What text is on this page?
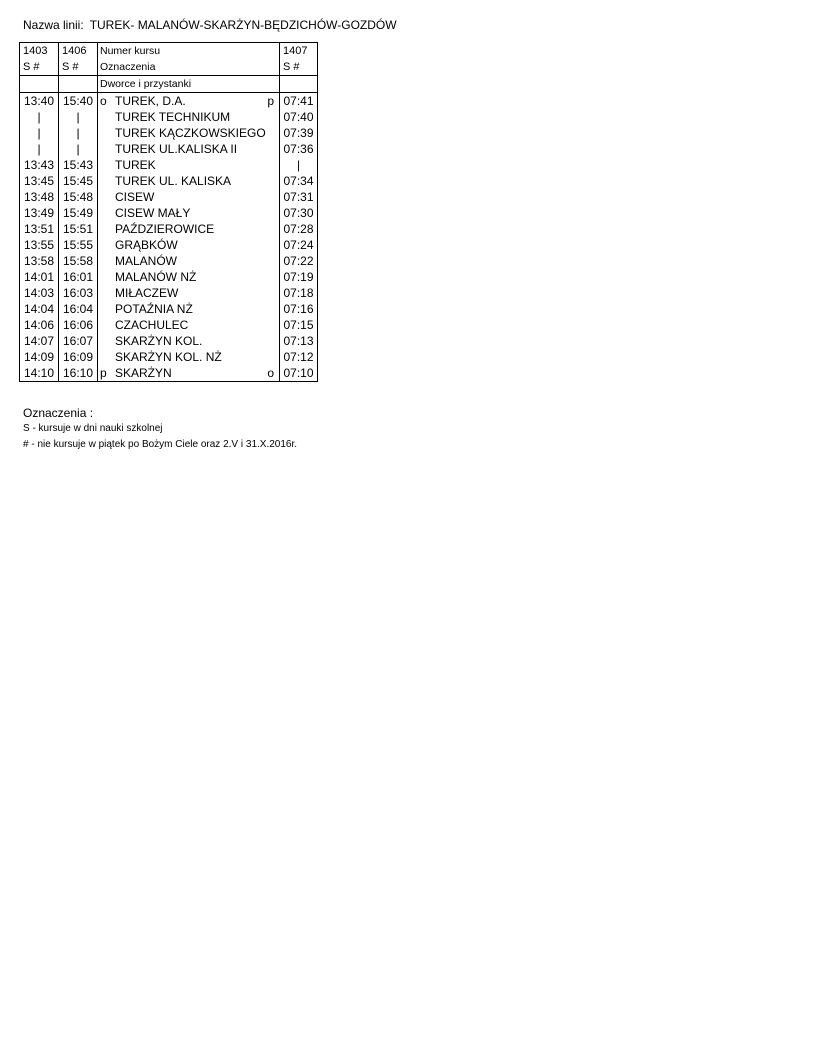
Nazwa linii: TUREK- MALANÓW-SKARŻYN-BĘDZICHÓW-GOZDÓW
1403	1406	Numer kursu	1407
S #	S #	Oznaczenia	S #
		Dworce i przystanki	
13:40	15:40	o TUREK, D.A. p	07:41
|	|	TUREK TECHNIKUM	07:40
|	|	TUREK KĄCZKOWSKIEGO	07:39
|	|	TUREK UL.KALISKA II	07:36
13:43	15:43	TUREK	|
13:45	15:45	TUREK UL. KALISKA	07:34
13:48	15:48	CISEW	07:31
13:49	15:49	CISEW MAŁY	07:30
13:51	15:51	PAŹDZIEROWICE	07:28
13:55	15:55	GRĄBKÓW	07:24
13:58	15:58	MALANÓW	07:22
14:01	16:01	MALANÓW NŻ	07:19
14:03	16:03	MIŁACZEW	07:18
14:04	16:04	POTAŹNIA NŻ	07:16
14:06	16:06	CZACHULEC	07:15
14:07	16:07	SKARŻYN KOL.	07:13
14:09	16:09	SKARŻYN KOL. NŻ	07:12
14:10	16:10	p SKARŻYN o	07:10
Oznaczenia :
S - kursuje w dni nauki szkolnej
# - nie kursuje w piątek po Bożym Ciele oraz 2.V i 31.X.2016r.
